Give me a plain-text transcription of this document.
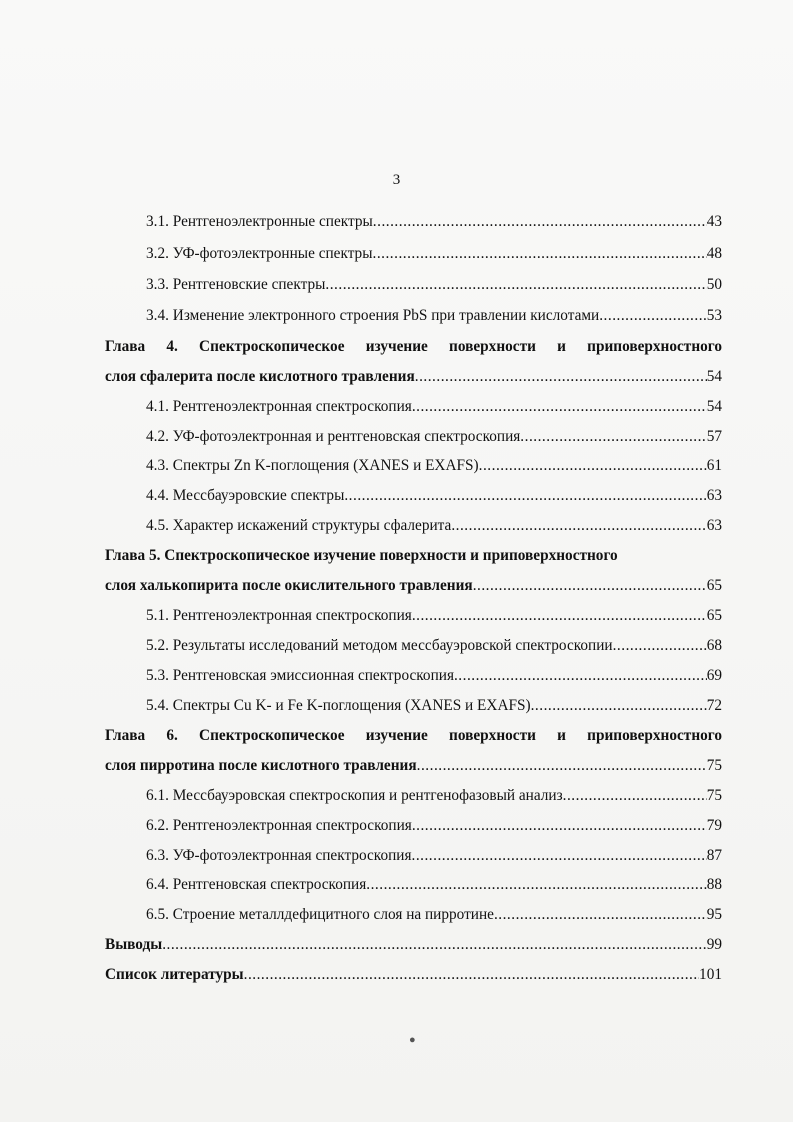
3
3.1. Рентгеноэлектронные спектры .....	43
3.2. УФ-фотоэлектронные спектры .....	48
3.3. Рентгеновские спектры .....	50
3.4. Изменение электронного строения PbS при травлении кислотами .....	53
Глава 4. Спектроскопическое изучение поверхности и приповерхностного
слоя сфалерита после кислотного травления .....	54
4.1. Рентгеноэлектронная спектроскопия .....	54
4.2. УФ-фотоэлектронная и рентгеновская спектроскопия .....	57
4.3. Спектры Zn K-поглощения (XANES и EXAFS) .....	61
4.4. Мессбауэровские спектры .....	63
4.5. Характер искажений структуры сфалерита .....	63
Глава 5. Спектроскопическое изучение поверхности и приповерхностного
слоя халькопирита после окислительного травления .....	65
5.1. Рентгеноэлектронная спектроскопия .....	65
5.2. Результаты исследований методом мессбауэровской спектроскопии .....	68
5.3. Рентгеновская эмиссионная спектроскопия .....	69
5.4. Спектры Cu K- и Fe K-поглощения (XANES и EXAFS) .....	72
Глава 6. Спектроскопическое изучение поверхности и приповерхностного
слоя пирротина после кислотного травления .....	75
6.1. Мессбауэровская спектроскопия и рентгенофазовый анализ .....	75
6.2. Рентгеноэлектронная спектроскопия .....	79
6.3. УФ-фотоэлектронная спектроскопия .....	87
6.4. Рентгеновская спектроскопия .....	88
6.5. Строение металлдефицитного слоя на пирротине .....	95
Выводы .....	99
Список литературы .....	101
●
